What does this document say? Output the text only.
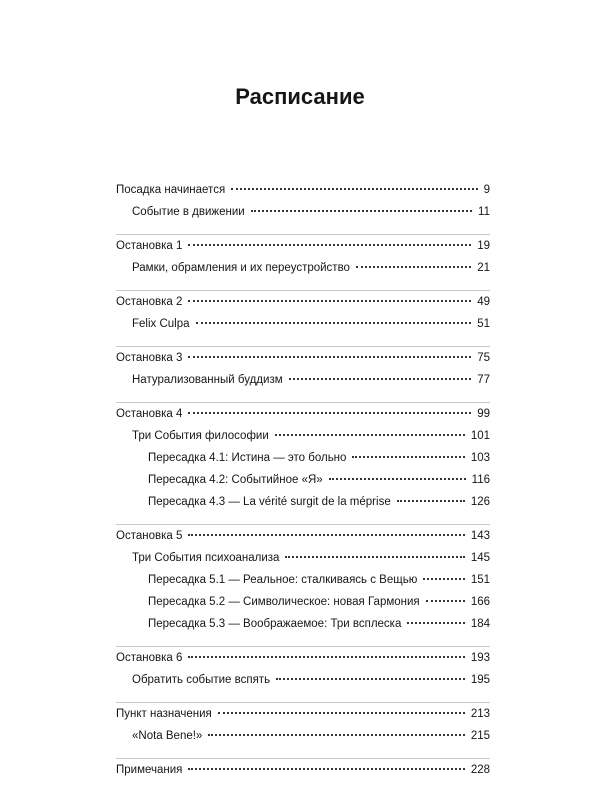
Расписание
Посадка начинается	9
Событие в движении	11
Остановка 1	19
Рамки, обрамления и их переустройство	21
Остановка 2	49
Felix Culpa	51
Остановка 3	75
Натурализованный буддизм	77
Остановка 4	99
Три События философии	101
Пересадка 4.1: Истина — это больно	103
Пересадка 4.2: Событийное «Я»	116
Пересадка 4.3 — La vérité surgit de la méprise	126
Остановка 5	143
Три События психоанализа	145
Пересадка 5.1 — Реальное: сталкиваясь с Вещью	151
Пересадка 5.2 — Символическое: новая Гармония	166
Пересадка 5.3 — Воображаемое: Три всплеска	184
Остановка 6	193
Обратить событие вспять	195
Пункт назначения	213
«Nota Bene!»	215
Примечания	228
